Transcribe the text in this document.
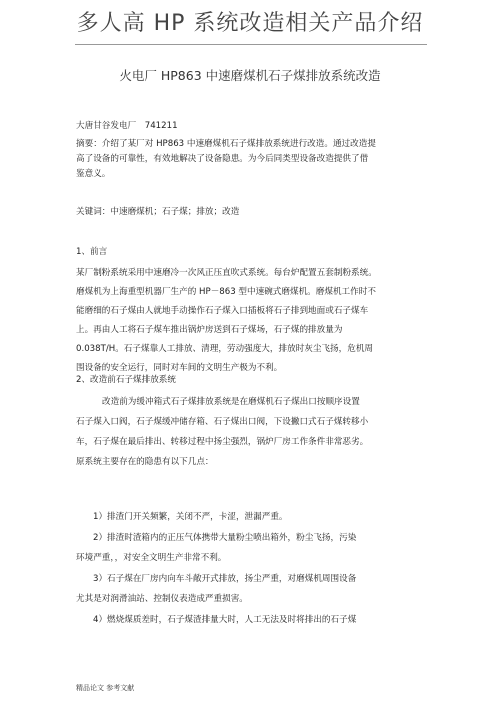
多人高 HP 系统改造相关产品介绍
火电厂 HP863 中速磨煤机石子煤排放系统改造
大唐甘谷发电厂　741211
摘要：介绍了某厂对 HP863 中速磨煤机石子煤排放系统进行改造。通过改造提
高了设备的可靠性，有效地解决了设备隐患。为今后同类型设备改造提供了借
鉴意义。
关键词：中速磨煤机；石子煤；排放；改造
1、前言
某厂制粉系统采用中速磨冷一次风正压直吹式系统。每台炉配置五套制粉系统。
磨煤机为上海重型机器厂生产的 HP－863 型中速碗式磨煤机。磨煤机工作时不
能磨细的石子煤由人就地手动操作石子煤入口插板将石子排到地面或石子煤车
上。再由人工将石子煤车推出锅炉房送到石子煤场，石子煤的排放量为
0.038T/H。石子煤靠人工排放、清理，劳动强度大，排放时灰尘飞扬，危机周
围设备的安全运行，同时对车间的文明生产极为不利。
2、改造前石子煤排放系统
改造前为缓冲箱式石子煤排放系统是在磨煤机石子煤出口按顺序设置
石子煤入口阀，石子煤缓冲储存箱、石子煤出口阀，下设撇口式石子煤转移小
车，石子煤在最后排出、转移过程中扬尘强烈，锅炉厂房工作条件非常恶劣。
原系统主要存在的隐患有以下几点：
1）排渣门开关频繁，关闭不严，卡涩，泄漏严重。
2）排渣时渣箱内的正压气体携带大量粉尘喷出箱外，粉尘飞扬，污染
环境严重，，对安全文明生产非常不利。
3）石子煤在厂房内向车斗敞开式排放，扬尘严重，对磨煤机周围设备
尤其是对润滑油站、控制仪表造成严重损害。
4）燃烧煤质差时，石子煤渣排量大时，人工无法及时将排出的石子煤
精品论文 参考文献
